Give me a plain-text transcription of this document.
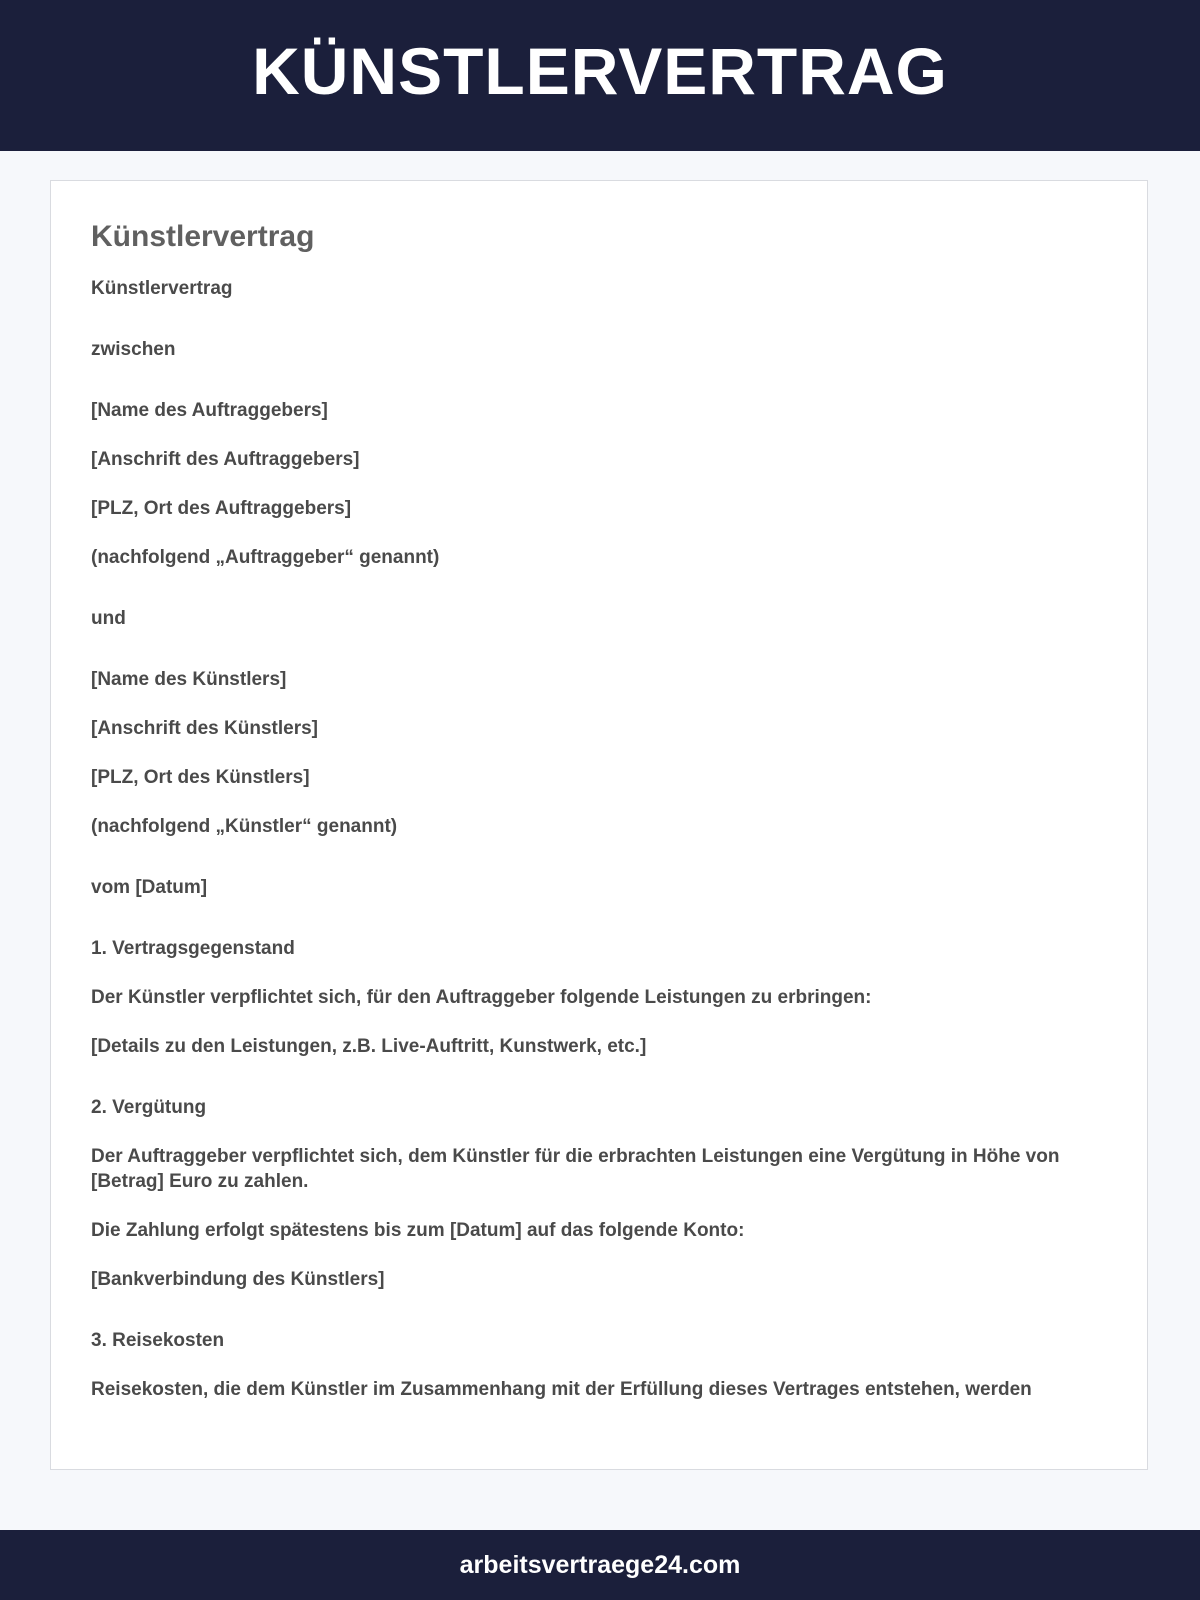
KÜNSTLERVERTRAG
Künstlervertrag

Künstlervertrag

zwischen

[Name des Auftraggebers]

[Anschrift des Auftraggebers]

[PLZ, Ort des Auftraggebers]

(nachfolgend „Auftraggeber“ genannt)

und

[Name des Künstlers]

[Anschrift des Künstlers]

[PLZ, Ort des Künstlers]

(nachfolgend „Künstler“ genannt)

vom [Datum]

1. Vertragsgegenstand

Der Künstler verpflichtet sich, für den Auftraggeber folgende Leistungen zu erbringen:

[Details zu den Leistungen, z.B. Live-Auftritt, Kunstwerk, etc.]

2. Vergütung

Der Auftraggeber verpflichtet sich, dem Künstler für die erbrachten Leistungen eine Vergütung in Höhe von [Betrag] Euro zu zahlen.

Die Zahlung erfolgt spätestens bis zum [Datum] auf das folgende Konto:

[Bankverbindung des Künstlers]

3. Reisekosten

Reisekosten, die dem Künstler im Zusammenhang mit der Erfüllung dieses Vertrages entstehen, werden

arbeitsvertraege24.com
